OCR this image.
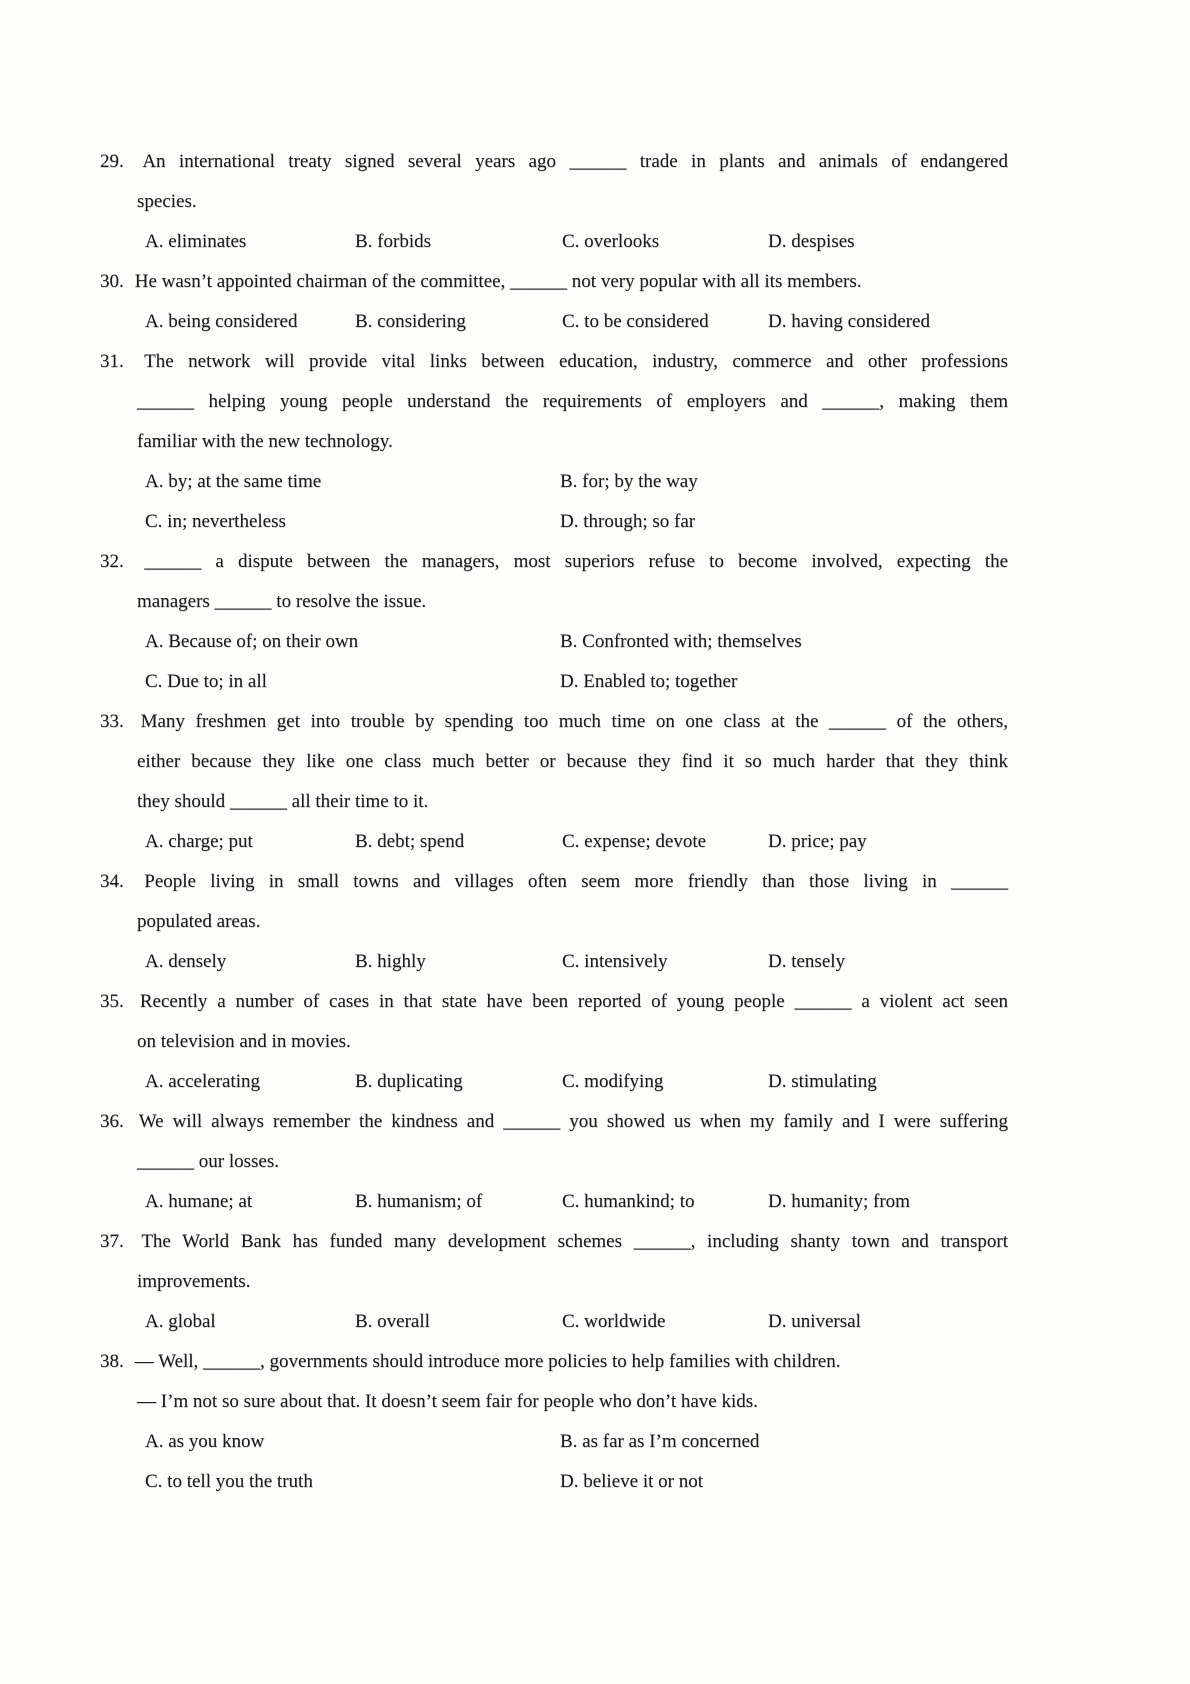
29. An international treaty signed several years ago ______ trade in plants and animals of endangered
species.
A. eliminates	B. forbids	C. overlooks	D. despises
30. He wasn’t appointed chairman of the committee, ______ not very popular with all its members.
A. being considered	B. considering	C. to be considered	D. having considered
31. The network will provide vital links between education, industry, commerce and other professions
______ helping young people understand the requirements of employers and ______, making them
familiar with the new technology.
A. by; at the same time	B. for; by the way
C. in; nevertheless	D. through; so far
32. ______ a dispute between the managers, most superiors refuse to become involved, expecting the
managers ______ to resolve the issue.
A. Because of; on their own	B. Confronted with; themselves
C. Due to; in all	D. Enabled to; together
33. Many freshmen get into trouble by spending too much time on one class at the ______ of the others,
either because they like one class much better or because they find it so much harder that they think
they should ______ all their time to it.
A. charge; put	B. debt; spend	C. expense; devote	D. price; pay
34. People living in small towns and villages often seem more friendly than those living in ______
populated areas.
A. densely	B. highly	C. intensively	D. tensely
35. Recently a number of cases in that state have been reported of young people ______ a violent act seen
on television and in movies.
A. accelerating	B. duplicating	C. modifying	D. stimulating
36. We will always remember the kindness and ______ you showed us when my family and I were suffering
______ our losses.
A. humane; at	B. humanism; of	C. humankind; to	D. humanity; from
37. The World Bank has funded many development schemes ______, including shanty town and transport
improvements.
A. global	B. overall	C. worldwide	D. universal
38. — Well, ______, governments should introduce more policies to help families with children.
— I’m not so sure about that. It doesn’t seem fair for people who don’t have kids.
A. as you know	B. as far as I’m concerned
C. to tell you the truth	D. believe it or not
